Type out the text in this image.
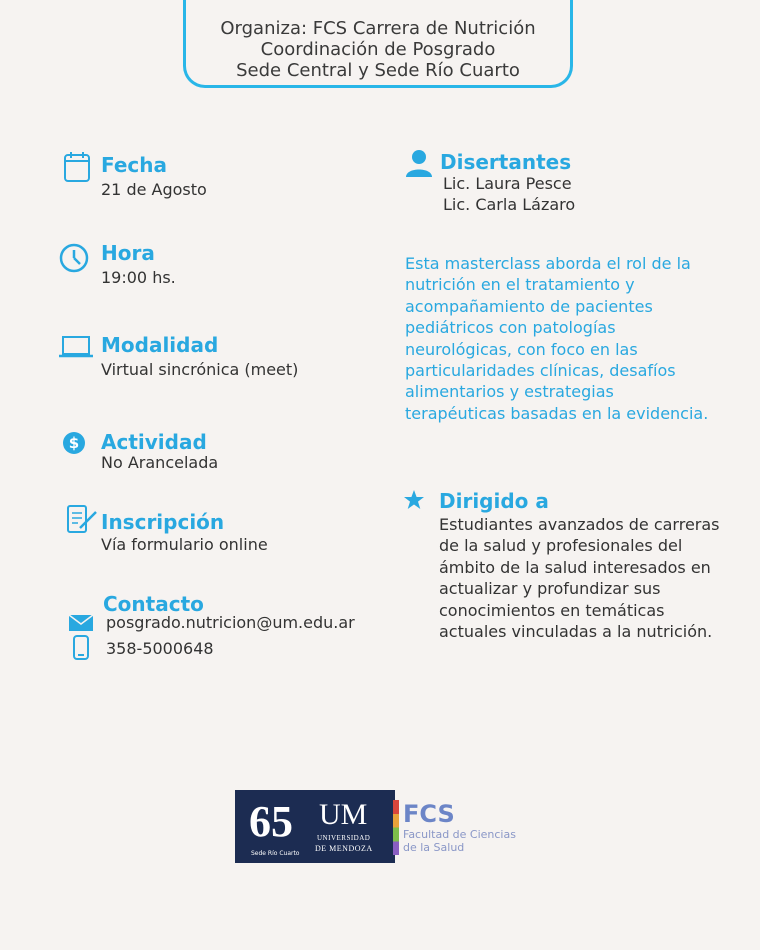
Organiza: FCS Carrera de Nutrición
Coordinación de Posgrado
Sede Central y Sede Río Cuarto
Fecha
21 de Agosto
Hora
19:00 hs.
Modalidad
Virtual sincrónica (meet)
$ Actividad
No Arancelada
Inscripción
Vía formulario online
Contacto
posgrado.nutricion@um.edu.ar
358-5000648
Disertantes
Lic. Laura Pesce
Lic. Carla Lázaro
Esta masterclass aborda el rol de la nutrición en el tratamiento y acompañamiento de pacientes pediátricos con patologías neurológicas, con foco en las particularidades clínicas, desafíos alimentarios y estrategias terapéuticas basadas en la evidencia.
Dirigido a
Estudiantes avanzados de carreras de la salud y profesionales del ámbito de la salud interesados en actualizar y profundizar sus conocimientos en temáticas actuales vinculadas a la nutrición.
65
Sede Río Cuarto
UM
UNIVERSIDAD
DE MENDOZA
FCS
Facultad de Ciencias
de la Salud
